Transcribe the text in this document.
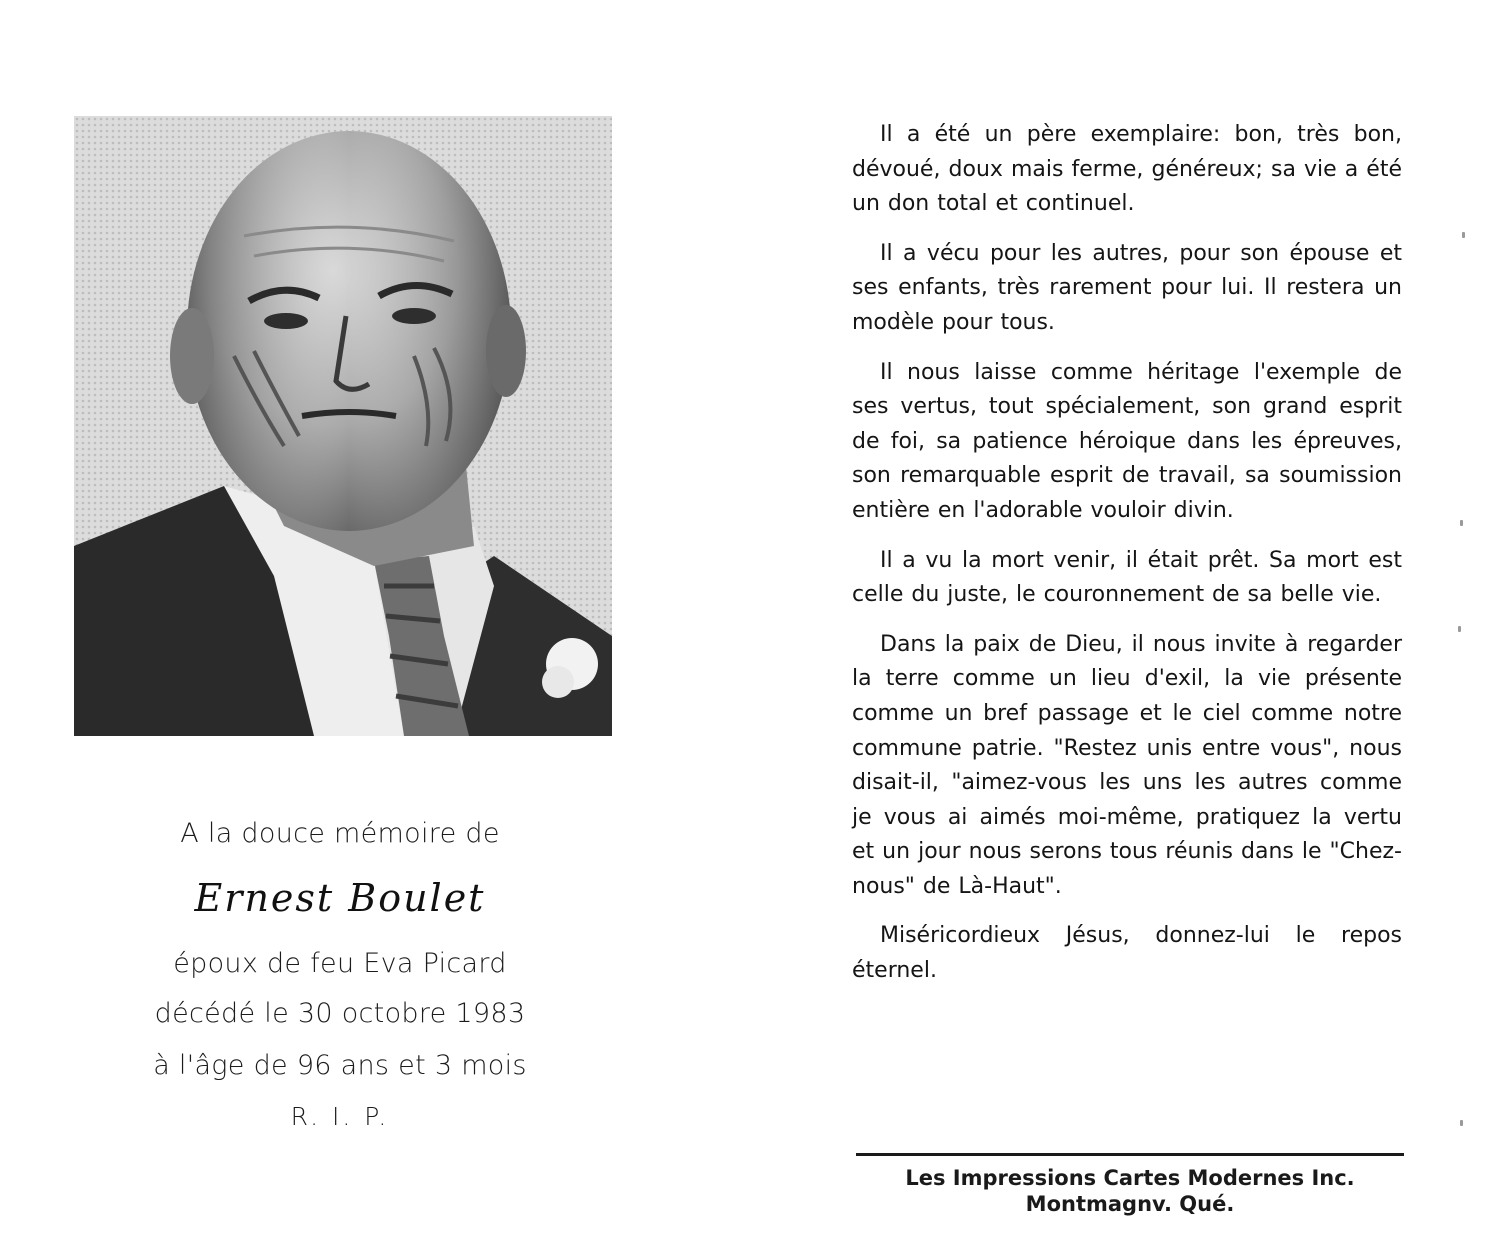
A la douce mémoire de
Ernest Boulet
époux de feu Eva Picard
décédé le 30 octobre 1983
à l'âge de 96 ans et 3 mois
R. I. P.

Il a été un père exemplaire: bon, très bon, dévoué, doux mais ferme, généreux; sa vie a été un don total et continuel.

Il a vécu pour les autres, pour son épouse et ses enfants, très rarement pour lui. Il restera un modèle pour tous.

Il nous laisse comme héritage l'exemple de ses vertus, tout spécialement, son grand esprit de foi, sa patience héroique dans les épreuves, son remarquable esprit de travail, sa soumission entière en l'adorable vouloir divin.

Il a vu la mort venir, il était prêt. Sa mort est celle du juste, le couronnement de sa belle vie.

Dans la paix de Dieu, il nous invite à regarder la terre comme un lieu d'exil, la vie présente comme un bref passage et le ciel comme notre commune patrie. "Restez unis entre vous", nous disait-il, "aimez-vous les uns les autres comme je vous ai aimés moi-même, pratiquez la vertu et un jour nous serons tous réunis dans le "Chez-nous" de Là-Haut".

Miséricordieux Jésus, donnez-lui le repos éternel.

Les Impressions Cartes Modernes Inc.
Montmagnv. Qué.
